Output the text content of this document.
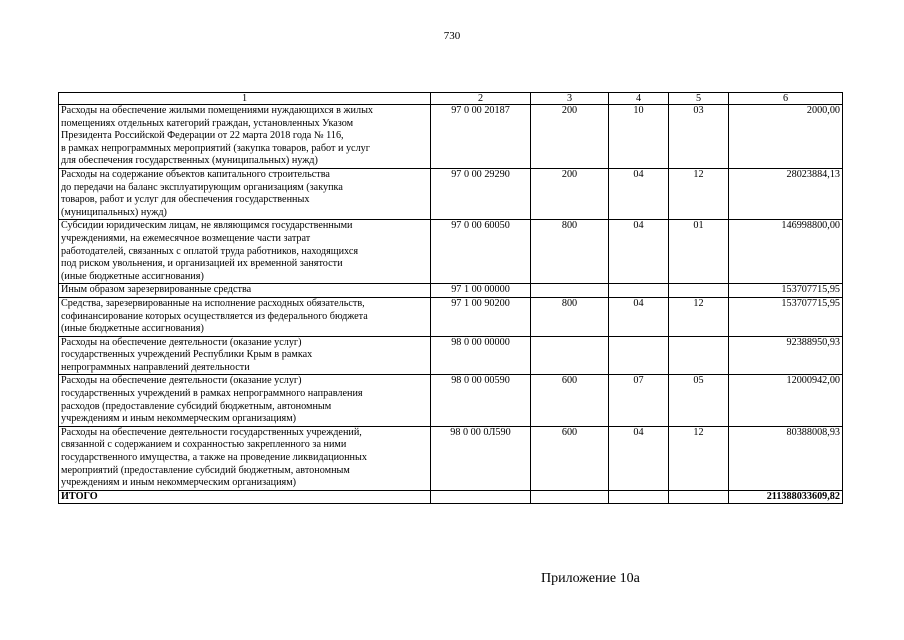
730
1	2	3	4	5	6
Расходы на обеспечение жилыми помещениями нуждающихся в жилых
помещениях отдельных категорий граждан, установленных Указом
Президента Российской Федерации от 22 марта 2018 года № 116,
в рамках непрограммных мероприятий (закупка товаров, работ и услуг
для обеспечения государственных (муниципальных) нужд)	97 0 00 20187	200	10	03	2000,00
Расходы на содержание объектов капитального строительства
до передачи на баланс эксплуатирующим организациям (закупка
товаров, работ и услуг для обеспечения государственных
(муниципальных) нужд)	97 0 00 29290	200	04	12	28023884,13
Субсидии юридическим лицам, не являющимся государственными
учреждениями, на ежемесячное возмещение части затрат
работодателей, связанных с оплатой труда работников, находящихся
под риском увольнения, и организацией их временной занятости
(иные бюджетные ассигнования)	97 0 00 60050	800	04	01	146998800,00
Иным образом зарезервированные средства	97 1 00 00000				153707715,95
Средства, зарезервированные на исполнение расходных обязательств,
софинансирование которых осуществляется из федерального бюджета
(иные бюджетные ассигнования)	97 1 00 90200	800	04	12	153707715,95
Расходы на обеспечение деятельности (оказание услуг)
государственных учреждений Республики Крым в рамках
непрограммных направлений деятельности	98 0 00 00000				92388950,93
Расходы на обеспечение деятельности (оказание услуг)
государственных учреждений в рамках непрограммного направления
расходов (предоставление субсидий бюджетным, автономным
учреждениям и иным некоммерческим организациям)	98 0 00 00590	600	07	05	12000942,00
Расходы на обеспечение деятельности государственных учреждений,
связанной с содержанием и сохранностью закрепленного за ними
государственного имущества, а также на проведение ликвидационных
мероприятий (предоставление субсидий бюджетным, автономным
учреждениям и иным некоммерческим организациям)	98 0 00 0Л590	600	04	12	80388008,93
ИТОГО					211388033609,82
Приложение 10а
